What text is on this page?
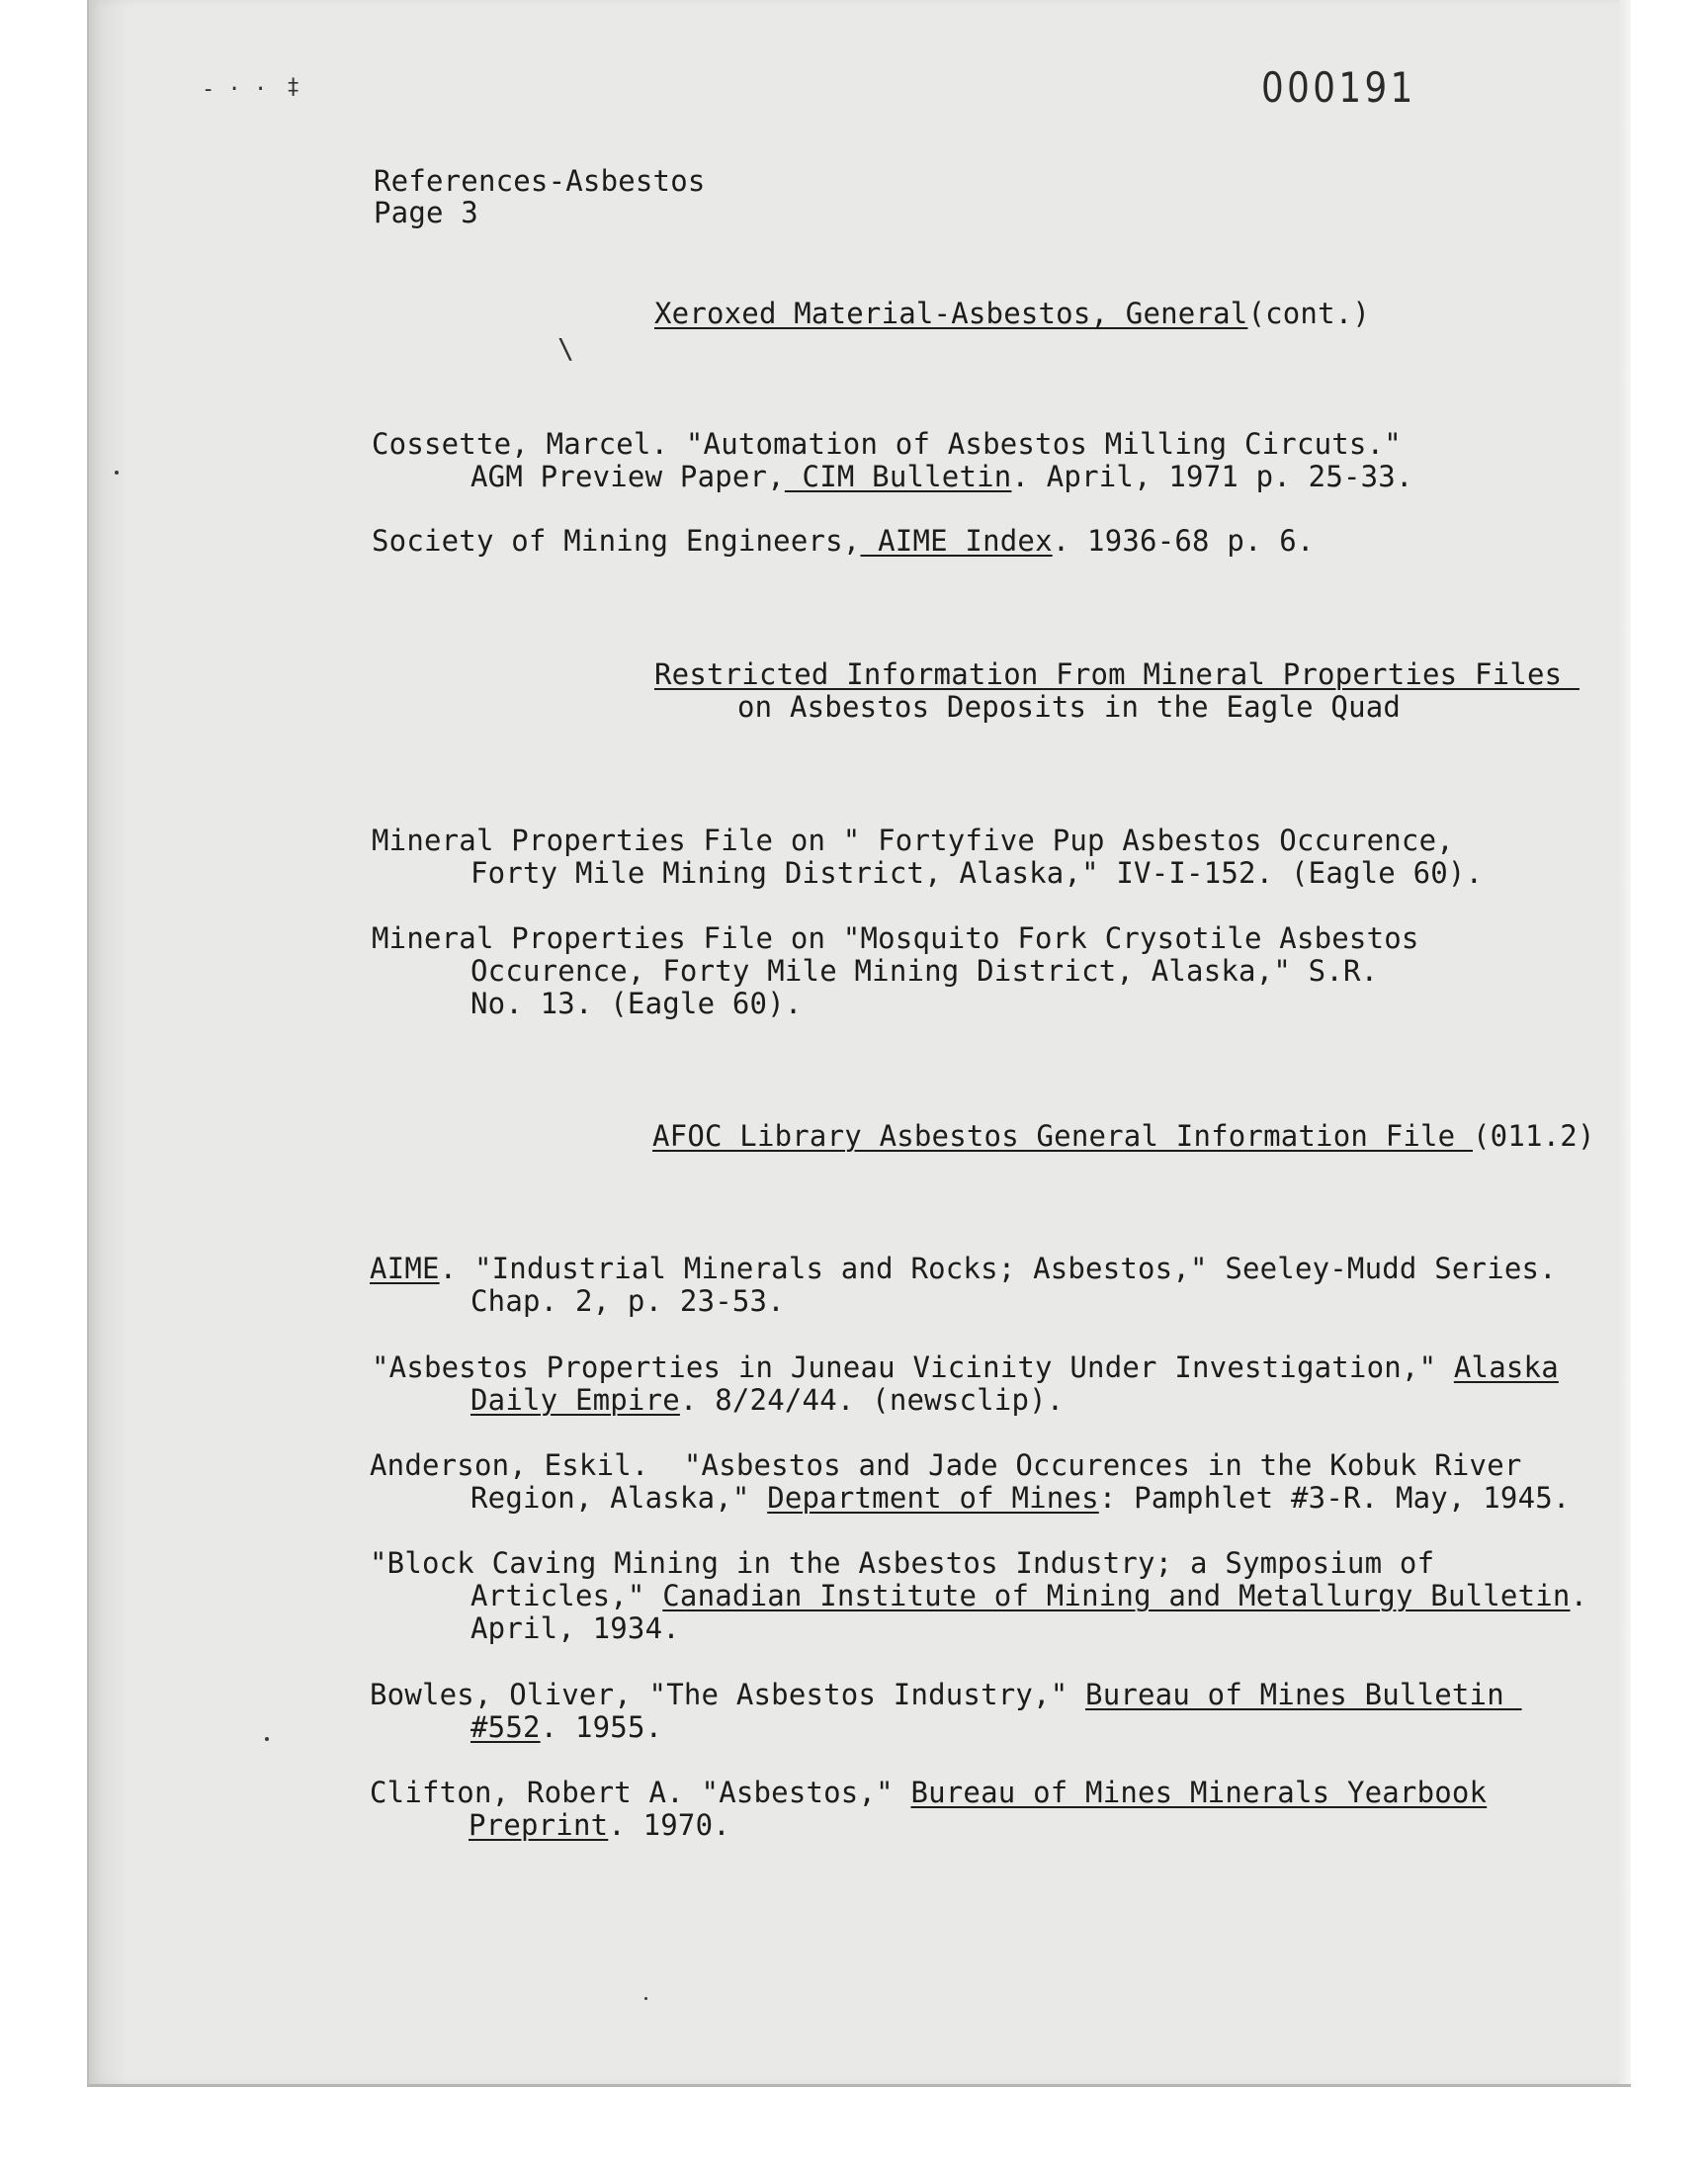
- · · ‡
\
000191
References-Asbestos
Page 3
Xeroxed Material-Asbestos, General(cont.)
Cossette, Marcel. "Automation of Asbestos Milling Circuts."
AGM Preview Paper, CIM Bulletin. April, 1971 p. 25-33.
Society of Mining Engineers, AIME Index. 1936-68 p. 6.
Restricted Information From Mineral Properties Files
on Asbestos Deposits in the Eagle Quad
Mineral Properties File on " Fortyfive Pup Asbestos Occurence,
Forty Mile Mining District, Alaska," IV-I-152. (Eagle 60).
Mineral Properties File on "Mosquito Fork Crysotile Asbestos
Occurence, Forty Mile Mining District, Alaska," S.R.
No. 13. (Eagle 60).
AFOC Library Asbestos General Information File (011.2)
AIME. "Industrial Minerals and Rocks; Asbestos," Seeley-Mudd Series.
Chap. 2, p. 23-53.
"Asbestos Properties in Juneau Vicinity Under Investigation," Alaska
Daily Empire. 8/24/44. (newsclip).
Anderson, Eskil.  "Asbestos and Jade Occurences in the Kobuk River
Region, Alaska," Department of Mines: Pamphlet #3-R. May, 1945.
"Block Caving Mining in the Asbestos Industry; a Symposium of
Articles," Canadian Institute of Mining and Metallurgy Bulletin.
April, 1934.
Bowles, Oliver, "The Asbestos Industry," Bureau of Mines Bulletin
#552. 1955.
Clifton, Robert A. "Asbestos," Bureau of Mines Minerals Yearbook
Preprint. 1970.
